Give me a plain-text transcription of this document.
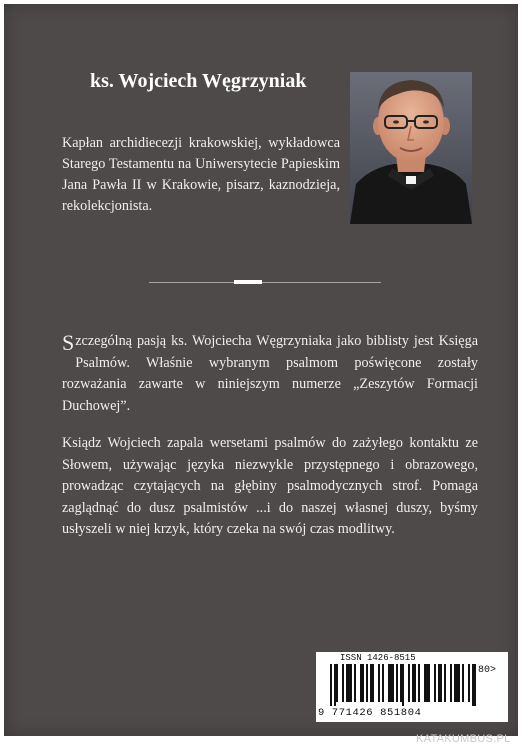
ks. Wojciech Węgrzyniak
Kapłan archidiecezji krakowskiej, wykładowca Starego Testamentu na Uniwersytecie Papieskim Jana Pawła II w Krakowie, pisarz, kaznodzieja, rekolekcjonista.
Szczególną pasją ks. Wojciecha Węgrzyniaka jako biblisty jest Księga Psalmów. Właśnie wybranym psalmom poświęcone zostały rozważania zawarte w niniejszym numerze „Zeszytów Formacji Duchowej”.
Ksiądz Wojciech zapala wersetami psalmów do zażyłego kontaktu ze Słowem, używając języka niezwykle przystępnego i obrazowego, prowadząc czytających na głębiny psalmodycznych strof. Pomaga zaglądnąć do dusz psalmistów ...i do naszej własnej duszy, byśmy usłyszeli w niej krzyk, który czeka na swój czas modlitwy.
ISSN 1426-8515
80>
9 771426 851804
KATAKUMBUS.PL
